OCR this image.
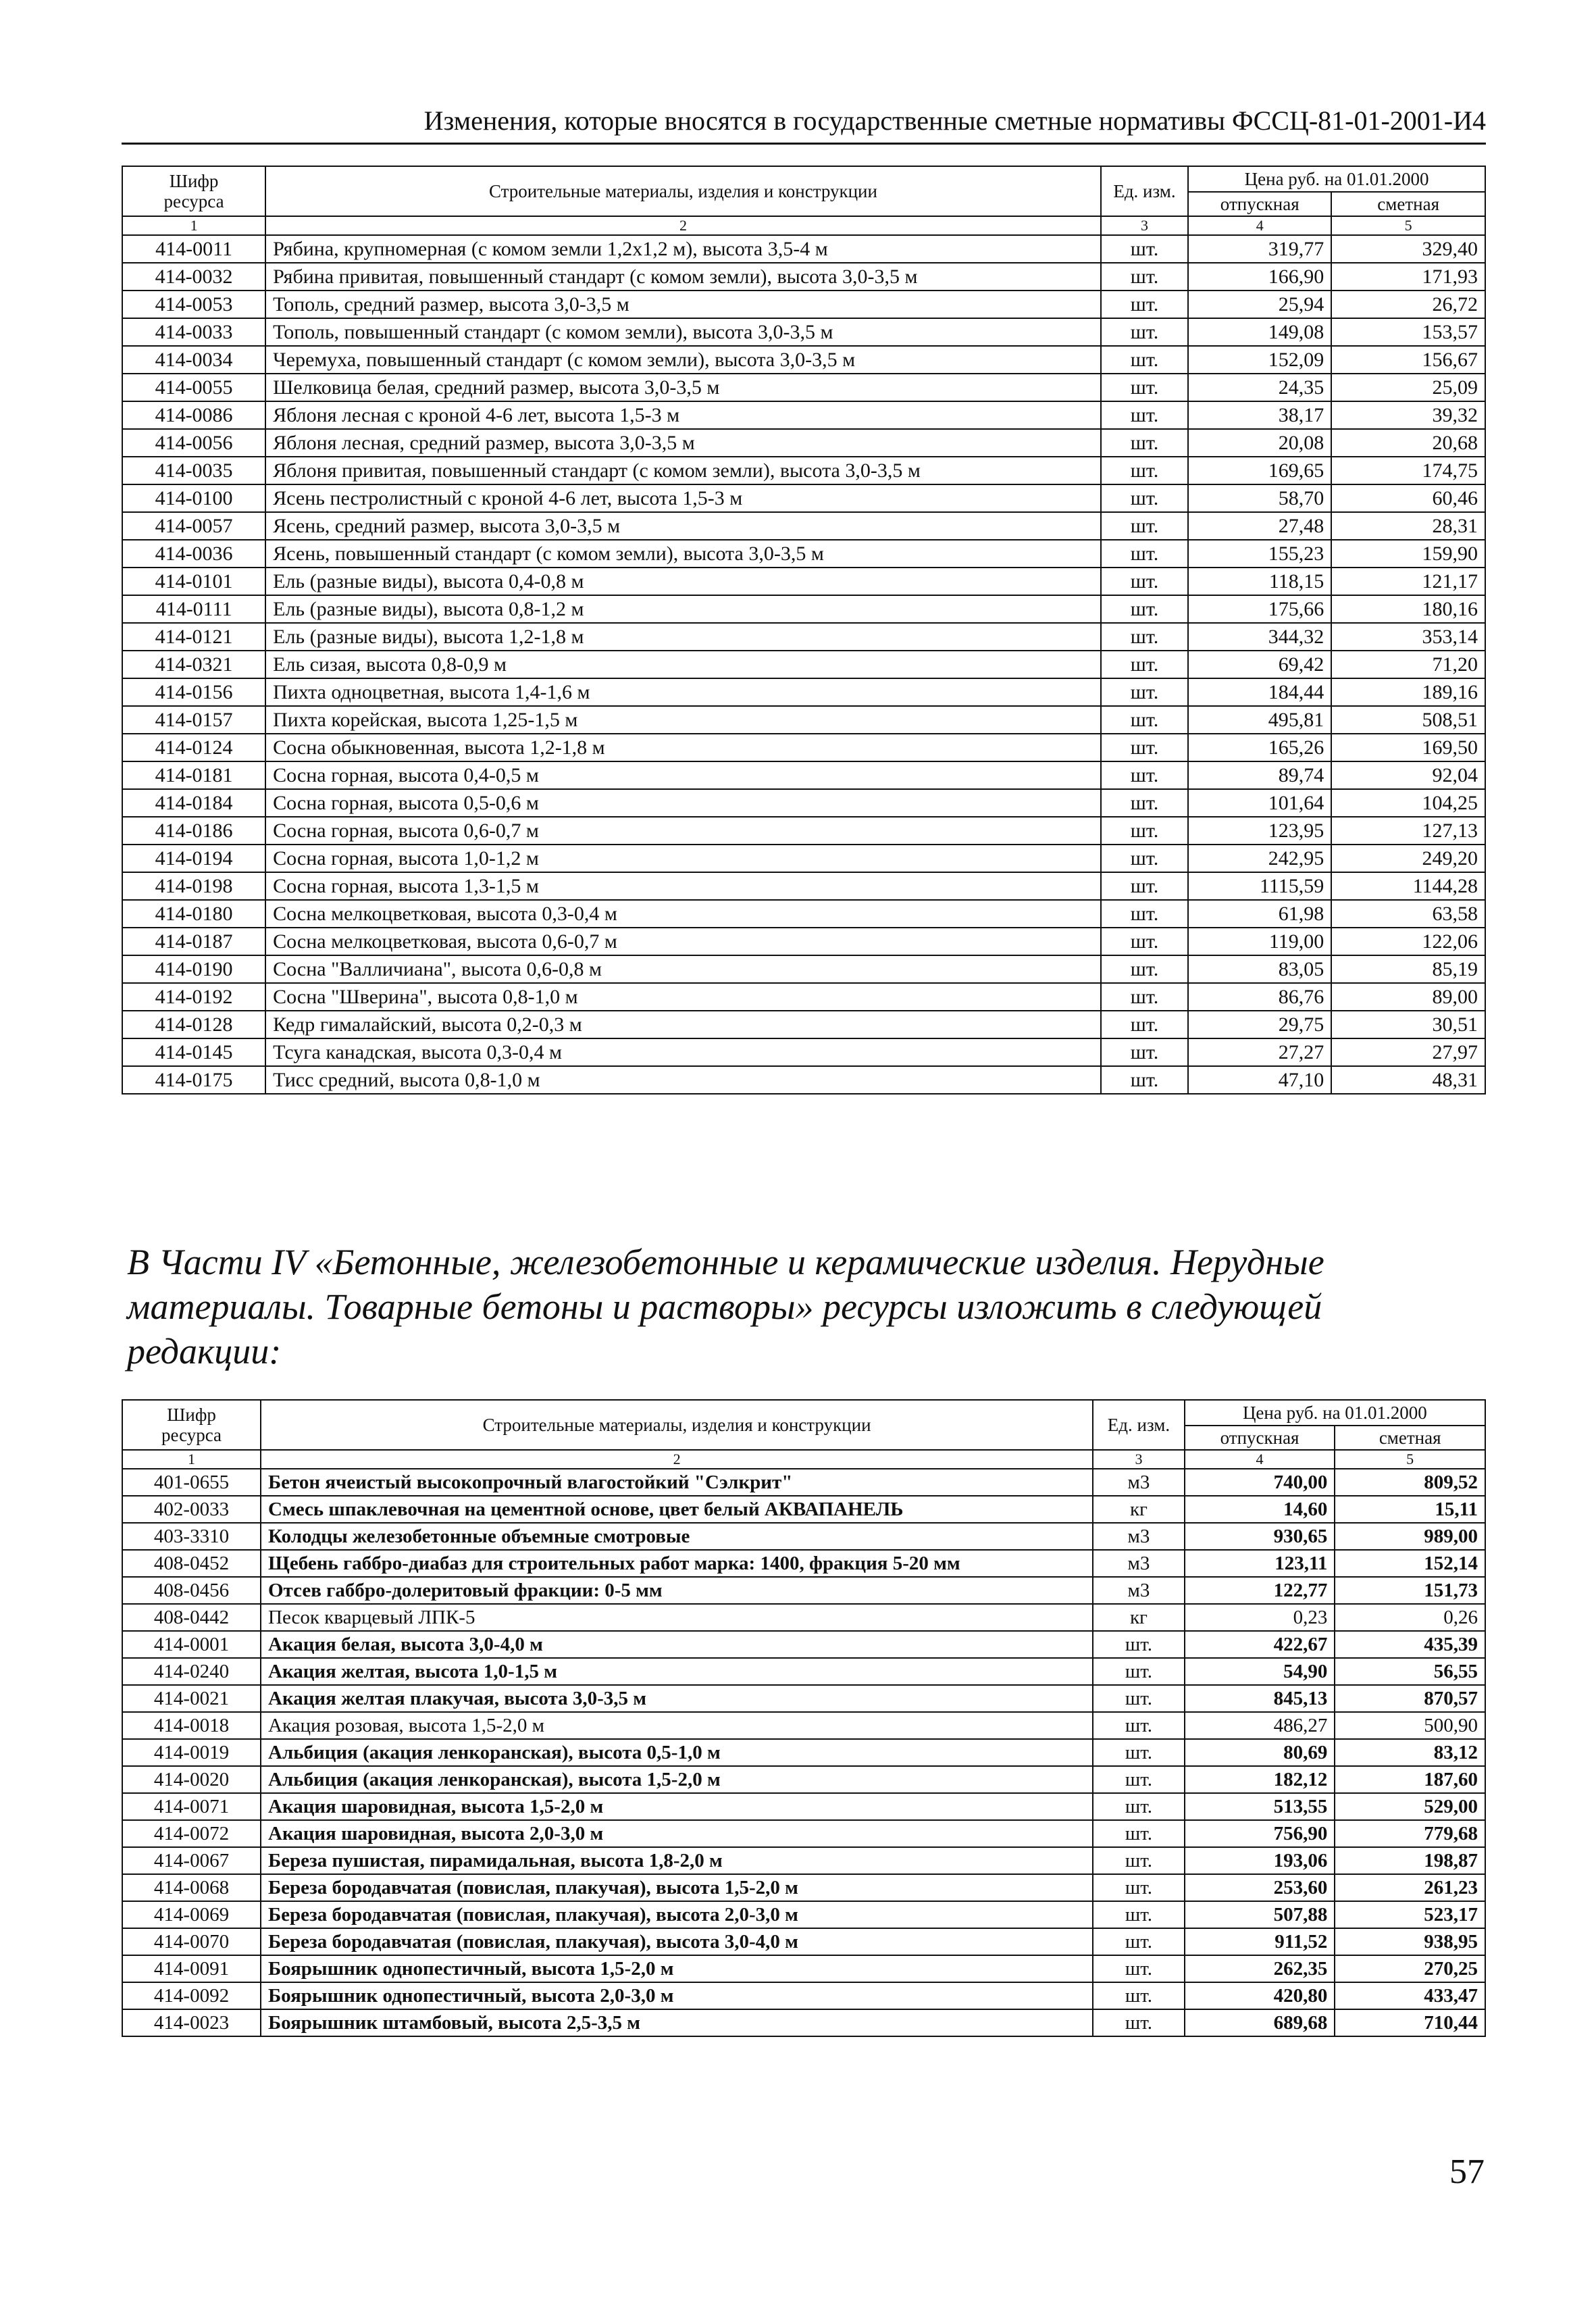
Изменения, которые вносятся в государственные сметные нормативы ФССЦ-81-01-2001-И4
Шифр ресурса	Строительные материалы, изделия и конструкции	Ед. изм.	Цена руб. на 01.01.2000	
			отпускная	сметная
1	2	3	4	5
414-0011	Рябина, крупномерная (с комом земли 1,2х1,2 м), высота 3,5-4 м	шт.	319,77	329,40
414-0032	Рябина привитая, повышенный стандарт (с комом земли), высота 3,0-3,5 м	шт.	166,90	171,93
414-0053	Тополь, средний размер, высота 3,0-3,5 м	шт.	25,94	26,72
414-0033	Тополь, повышенный стандарт (с комом земли), высота 3,0-3,5 м	шт.	149,08	153,57
414-0034	Черемуха, повышенный стандарт (с комом земли), высота 3,0-3,5 м	шт.	152,09	156,67
414-0055	Шелковица белая, средний размер, высота 3,0-3,5 м	шт.	24,35	25,09
414-0086	Яблоня лесная с кроной 4-6 лет, высота 1,5-3 м	шт.	38,17	39,32
414-0056	Яблоня лесная, средний размер, высота 3,0-3,5 м	шт.	20,08	20,68
414-0035	Яблоня привитая, повышенный стандарт (с комом земли), высота 3,0-3,5 м	шт.	169,65	174,75
414-0100	Ясень пестролистный с кроной 4-6 лет, высота 1,5-3 м	шт.	58,70	60,46
414-0057	Ясень, средний размер, высота 3,0-3,5 м	шт.	27,48	28,31
414-0036	Ясень, повышенный стандарт (с комом земли), высота 3,0-3,5 м	шт.	155,23	159,90
414-0101	Ель (разные виды), высота 0,4-0,8 м	шт.	118,15	121,17
414-0111	Ель (разные виды), высота 0,8-1,2 м	шт.	175,66	180,16
414-0121	Ель (разные виды), высота 1,2-1,8 м	шт.	344,32	353,14
414-0321	Ель сизая, высота 0,8-0,9 м	шт.	69,42	71,20
414-0156	Пихта одноцветная, высота 1,4-1,6 м	шт.	184,44	189,16
414-0157	Пихта корейская, высота 1,25-1,5 м	шт.	495,81	508,51
414-0124	Сосна обыкновенная, высота 1,2-1,8 м	шт.	165,26	169,50
414-0181	Сосна горная, высота 0,4-0,5 м	шт.	89,74	92,04
414-0184	Сосна горная, высота 0,5-0,6 м	шт.	101,64	104,25
414-0186	Сосна горная, высота 0,6-0,7 м	шт.	123,95	127,13
414-0194	Сосна горная, высота 1,0-1,2 м	шт.	242,95	249,20
414-0198	Сосна горная, высота 1,3-1,5 м	шт.	1115,59	1144,28
414-0180	Сосна мелкоцветковая, высота 0,3-0,4 м	шт.	61,98	63,58
414-0187	Сосна мелкоцветковая, высота 0,6-0,7 м	шт.	119,00	122,06
414-0190	Сосна "Валличиана", высота 0,6-0,8 м	шт.	83,05	85,19
414-0192	Сосна "Шверина", высота 0,8-1,0 м	шт.	86,76	89,00
414-0128	Кедр гималайский, высота 0,2-0,3 м	шт.	29,75	30,51
414-0145	Тсуга канадская, высота 0,3-0,4 м	шт.	27,27	27,97
414-0175	Тисс средний, высота 0,8-1,0 м	шт.	47,10	48,31
В Части IV «Бетонные, железобетонные и керамические изделия. Нерудные материалы. Товарные бетоны и растворы» ресурсы изложить в следующей редакции:
Шифр ресурса	Строительные материалы, изделия и конструкции	Ед. изм.	Цена руб. на 01.01.2000	
			отпускная	сметная
1	2	3	4	5
401-0655	Бетон ячеистый высокопрочный влагостойкий "Сэлкрит"	м3	740,00	809,52
402-0033	Смесь шпаклевочная на цементной основе, цвет белый АКВАПАНЕЛЬ	кг	14,60	15,11
403-3310	Колодцы железобетонные объемные смотровые	м3	930,65	989,00
408-0452	Щебень габбро-диабаз для строительных работ марка: 1400, фракция 5-20 мм	м3	123,11	152,14
408-0456	Отсев габбро-долеритовый фракции: 0-5 мм	м3	122,77	151,73
408-0442	Песок кварцевый ЛПК-5	кг	0,23	0,26
414-0001	Акация белая, высота 3,0-4,0 м	шт.	422,67	435,39
414-0240	Акация желтая, высота 1,0-1,5 м	шт.	54,90	56,55
414-0021	Акация желтая плакучая, высота 3,0-3,5 м	шт.	845,13	870,57
414-0018	Акация розовая, высота 1,5-2,0 м	шт.	486,27	500,90
414-0019	Альбиция (акация ленкоранская), высота 0,5-1,0 м	шт.	80,69	83,12
414-0020	Альбиция (акация ленкоранская), высота 1,5-2,0 м	шт.	182,12	187,60
414-0071	Акация шаровидная, высота 1,5-2,0 м	шт.	513,55	529,00
414-0072	Акация шаровидная, высота 2,0-3,0 м	шт.	756,90	779,68
414-0067	Береза пушистая, пирамидальная, высота 1,8-2,0 м	шт.	193,06	198,87
414-0068	Береза бородавчатая (повислая, плакучая), высота 1,5-2,0 м	шт.	253,60	261,23
414-0069	Береза бородавчатая (повислая, плакучая), высота 2,0-3,0 м	шт.	507,88	523,17
414-0070	Береза бородавчатая (повислая, плакучая), высота 3,0-4,0 м	шт.	911,52	938,95
414-0091	Боярышник однопестичный, высота 1,5-2,0 м	шт.	262,35	270,25
414-0092	Боярышник однопестичный, высота 2,0-3,0 м	шт.	420,80	433,47
414-0023	Боярышник штамбовый, высота 2,5-3,5 м	шт.	689,68	710,44
57
